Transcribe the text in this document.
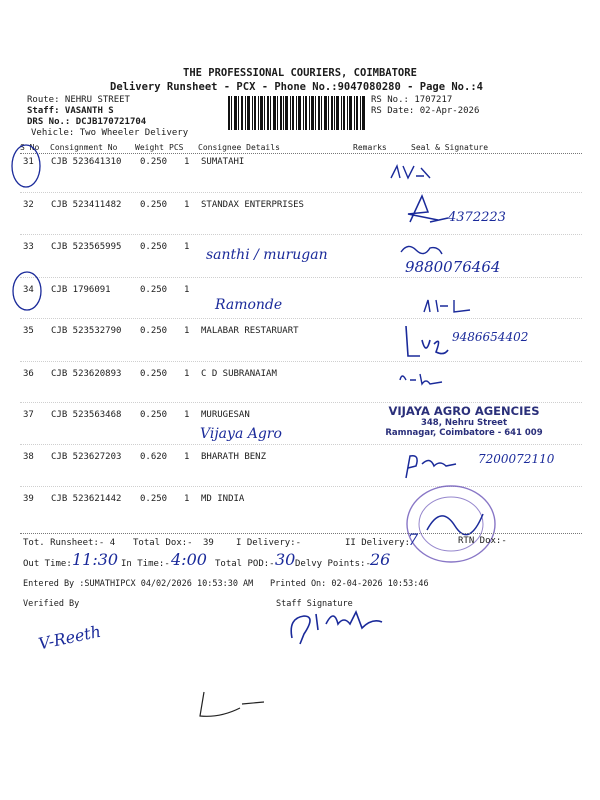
THE PROFESSIONAL COURIERS, COIMBATORE
Delivery Runsheet - PCX - Phone No.:9047080280 - Page No.:4
Route: NEHRU STREET
Staff: VASANTH S
DRS No.: DCJB170721704
Vehicle: Two Wheeler Delivery
RS No.: 1707217
RS Date: 02-Apr-2026
S No Consignment No Weight PCS Consignee Details	Remarks	Seal & Signature
31 CJB 523641310 0.250 1 SUMATAHI
32 CJB 523411482 0.250 1 STANDAX ENTERPRISES
33 CJB 523565995 0.250 1
34 CJB 1796091	0.250 1
35 CJB 523532790 0.250 1 MALABAR RESTARUART
36 CJB 523620893 0.250 1 C D SUBRANAIAM
37 CJB 523563468 0.250 1 MURUGESAN
38 CJB 523627203 0.620 1 BHARATH BENZ
39 CJB 523621442 0.250 1 MD INDIA
4372223
santhi / murugan
9880076464
Ramonde
9486654402
Vijaya Agro
VIJAYA AGRO AGENCIES
348, Nehru Street
Ramnagar, Coimbatore - 641 009
7200072110
Tot. Runsheet:- 4 Total Dox:- 39 I Delivery:-	II Delivery:
7	RTN Dox:-
Out Time: 11:30 In Time:- 4:00 Total POD:- 30 Delvy Points:- 26
Entered By :SUMATHIPCX 04/02/2026 10:53:30 AM Printed On: 02-04-2026 10:53:46
Verified By	Staff Signature
V-Reeth
